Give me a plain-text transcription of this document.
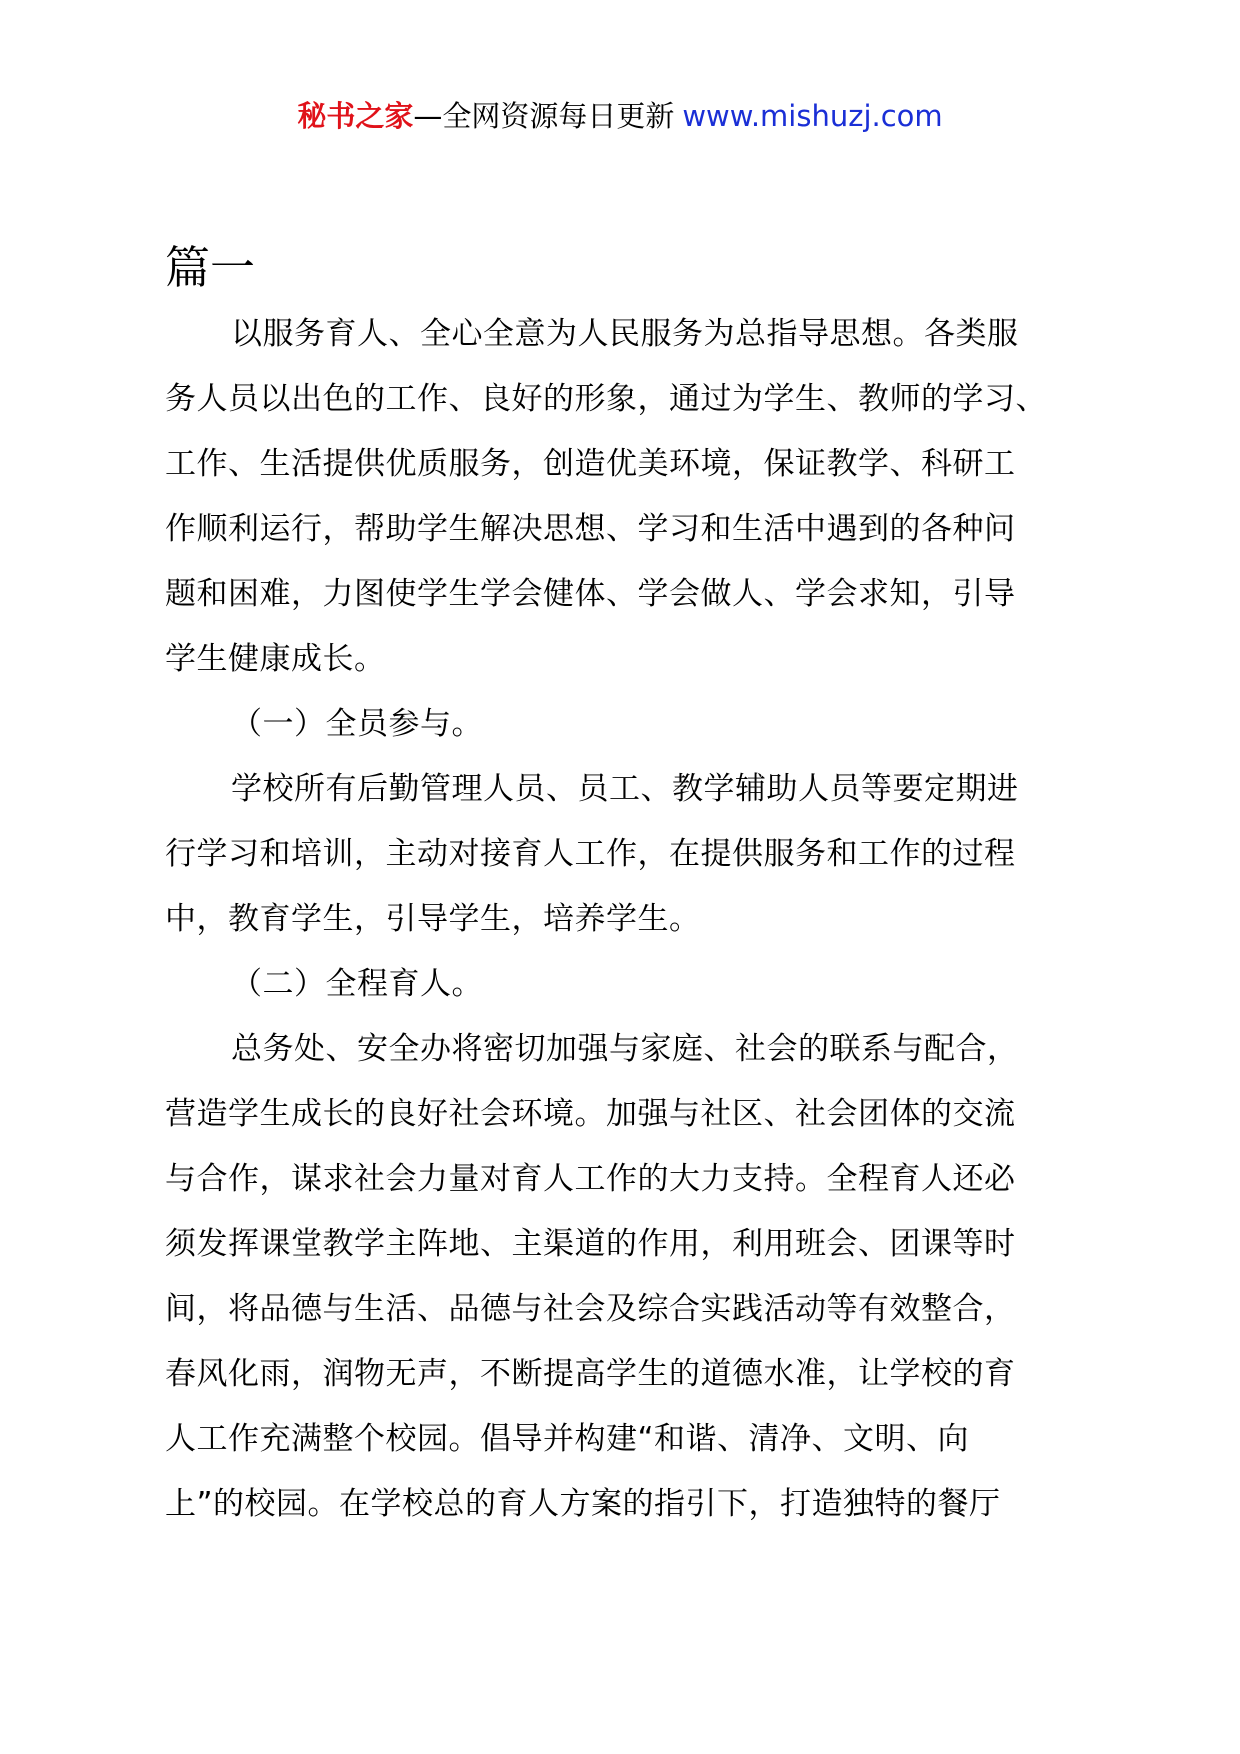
秘书之家—全网资源每日更新 www.mishuzj.com
篇一
以服务育人、全心全意为人民服务为总指导思想。各类服
务人员以出色的工作、良好的形象，通过为学生、教师的学习、
工作、生活提供优质服务，创造优美环境，保证教学、科研工
作顺利运行，帮助学生解决思想、学习和生活中遇到的各种问
题和困难，力图使学生学会健体、学会做人、学会求知，引导
学生健康成长。
（一）全员参与。
学校所有后勤管理人员、员工、教学辅助人员等要定期进
行学习和培训，主动对接育人工作，在提供服务和工作的过程
中，教育学生，引导学生，培养学生。
（二）全程育人。
总务处、安全办将密切加强与家庭、社会的联系与配合，
营造学生成长的良好社会环境。加强与社区、社会团体的交流
与合作，谋求社会力量对育人工作的大力支持。全程育人还必
须发挥课堂教学主阵地、主渠道的作用，利用班会、团课等时
间，将品德与生活、品德与社会及综合实践活动等有效整合，
春风化雨，润物无声，不断提高学生的道德水准，让学校的育
人工作充满整个校园。倡导并构建“和谐、清净、文明、向
上”的校园。在学校总的育人方案的指引下，打造独特的餐厅
